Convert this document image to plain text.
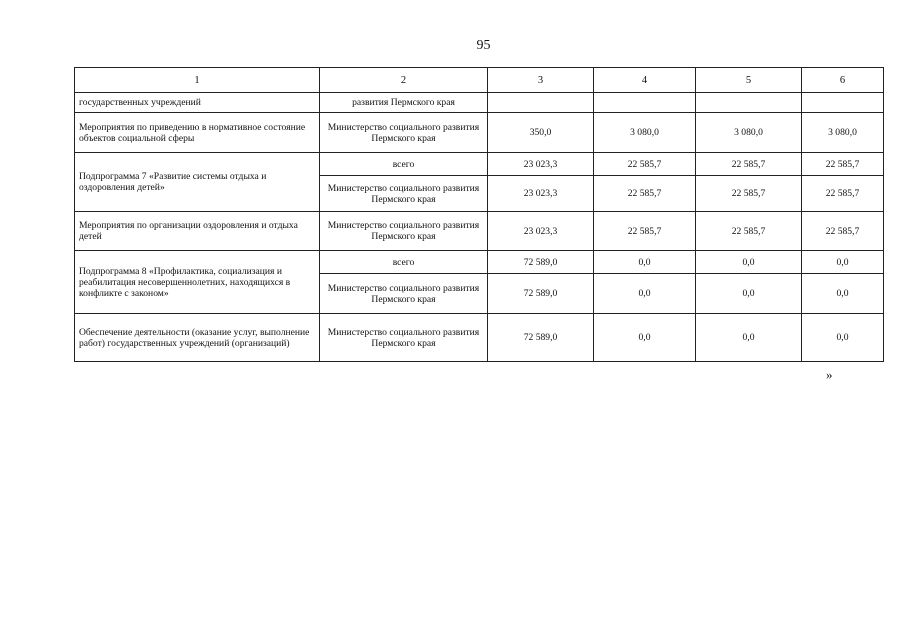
95
1	2	3	4	5	6
государственных учреждений	развития Пермского края				
Мероприятия по приведению в нормативное состояние объектов социальной сферы	Министерство социального развития Пермского края	350,0	3 080,0	3 080,0	3 080,0
Подпрограмма 7 «Развитие системы отдыха и оздоровления детей»	всего	23 023,3	22 585,7	22 585,7	22 585,7
	Министерство социального развития Пермского края	23 023,3	22 585,7	22 585,7	22 585,7
Мероприятия по организации оздоровления и отдыха детей	Министерство социального развития Пермского края	23 023,3	22 585,7	22 585,7	22 585,7
Подпрограмма 8 «Профилактика, социализация и реабилитация несовершеннолетних, находящихся в конфликте с законом»	всего	72 589,0	0,0	0,0	0,0
	Министерство социального развития Пермского края	72 589,0	0,0	0,0	0,0
Обеспечение деятельности (оказание услуг, выполнение работ) государственных учреждений (организаций)	Министерство социального развития Пермского края	72 589,0	0,0	0,0	0,0
»
